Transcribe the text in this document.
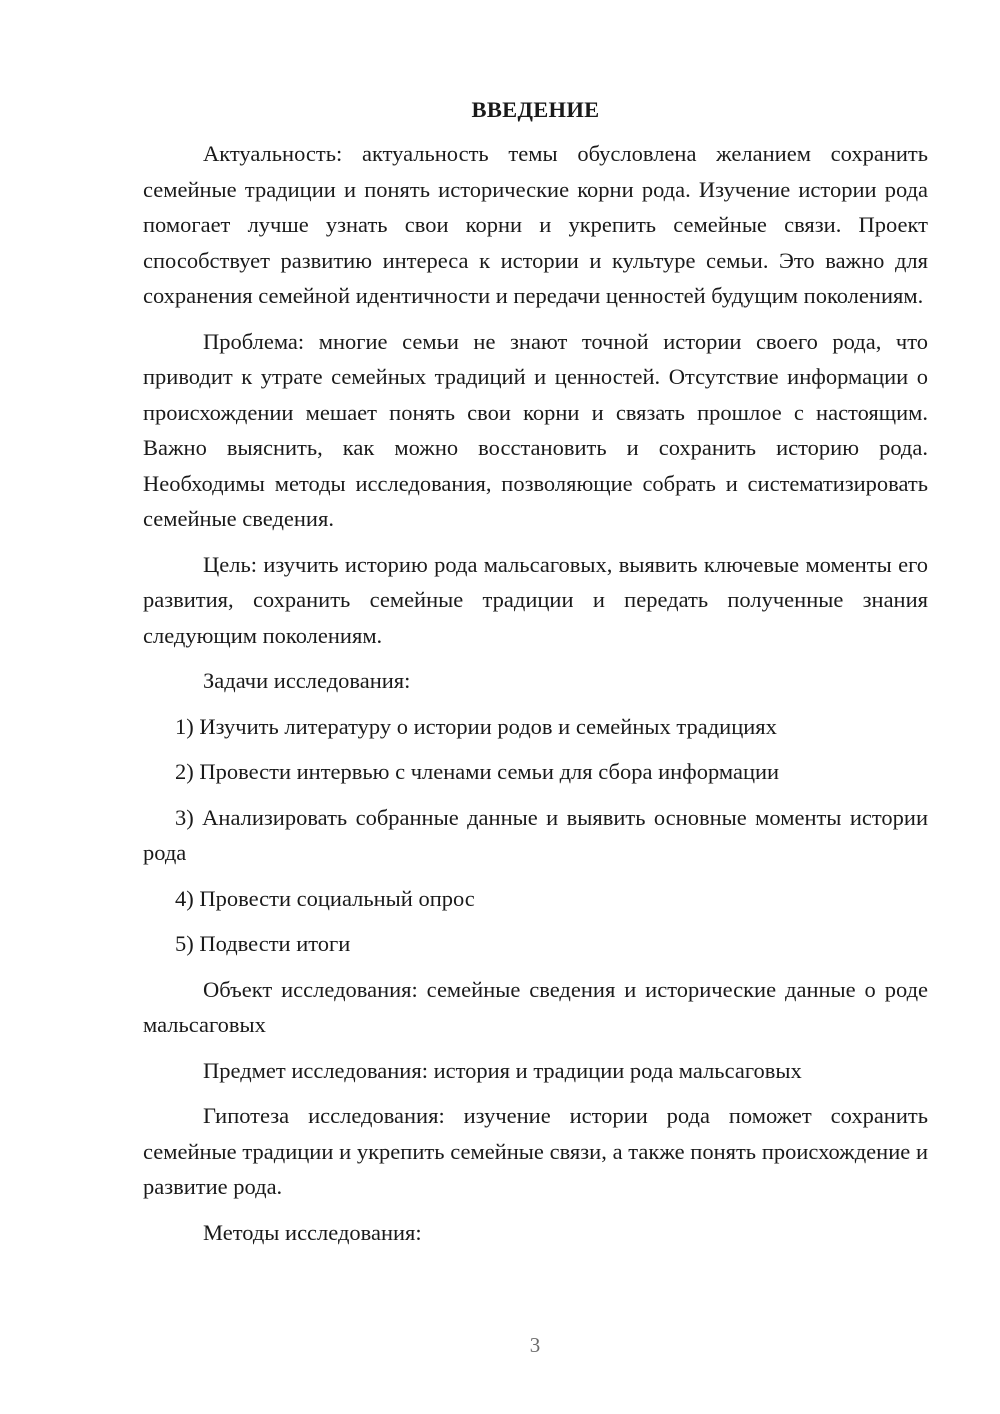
ВВЕДЕНИЕ

Актуальность: актуальность темы обусловлена желанием сохранить семейные традиции и понять исторические корни рода. Изучение истории рода помогает лучше узнать свои корни и укрепить семейные связи. Проект способствует развитию интереса к истории и культуре семьи. Это важно для сохранения семейной идентичности и передачи ценностей будущим поколениям.

Проблема: многие семьи не знают точной истории своего рода, что приводит к утрате семейных традиций и ценностей. Отсутствие информации о происхождении мешает понять свои корни и связать прошлое с настоящим. Важно выяснить, как можно восстановить и сохранить историю рода. Необходимы методы исследования, позволяющие собрать и систематизировать семейные сведения.

Цель: изучить историю рода мальсаговых, выявить ключевые моменты его развития, сохранить семейные традиции и передать полученные знания следующим поколениям.

Задачи исследования:

1) Изучить литературу о истории родов и семейных традициях

2) Провести интервью с членами семьи для сбора информации

3) Анализировать собранные данные и выявить основные моменты истории рода

4) Провести социальный опрос

5) Подвести итоги

Объект исследования: семейные сведения и исторические данные о роде мальсаговых

Предмет исследования: история и традиции рода мальсаговых

Гипотеза исследования: изучение истории рода поможет сохранить семейные традиции и укрепить семейные связи, а также понять происхождение и развитие рода.

Методы исследования:

3
